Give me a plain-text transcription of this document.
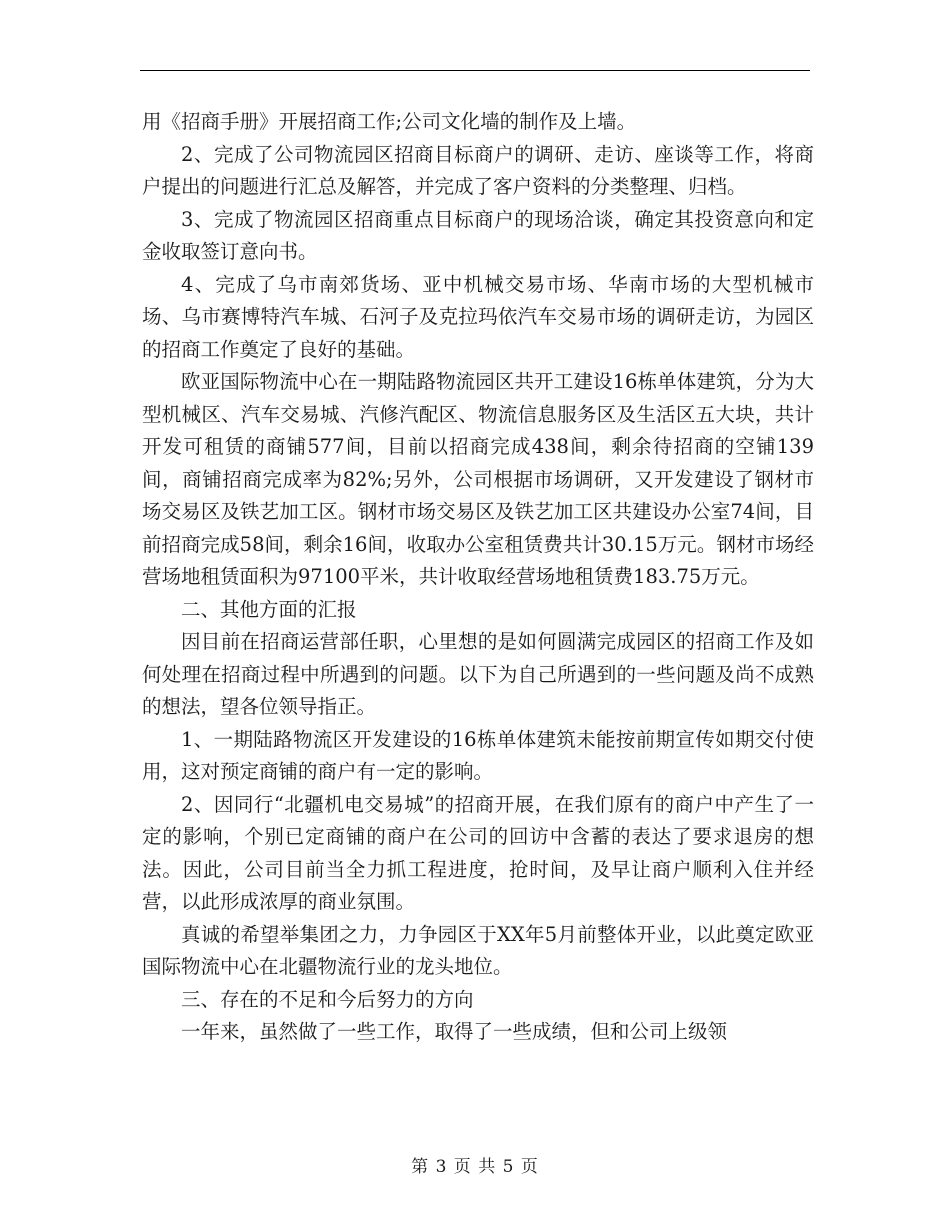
用《招商手册》开展招商工作;公司文化墙的制作及上墙。

2、完成了公司物流园区招商目标商户的调研、走访、座谈等工作，将商户提出的问题进行汇总及解答，并完成了客户资料的分类整理、归档。

3、完成了物流园区招商重点目标商户的现场洽谈，确定其投资意向和定金收取签订意向书。

4、完成了乌市南郊货场、亚中机械交易市场、华南市场的大型机械市场、乌市赛博特汽车城、石河子及克拉玛依汽车交易市场的调研走访，为园区的招商工作奠定了良好的基础。

欧亚国际物流中心在一期陆路物流园区共开工建设16栋单体建筑，分为大型机械区、汽车交易城、汽修汽配区、物流信息服务区及生活区五大块，共计开发可租赁的商铺577间，目前以招商完成438间，剩余待招商的空铺139间，商铺招商完成率为82%;另外，公司根据市场调研，又开发建设了钢材市场交易区及铁艺加工区。钢材市场交易区及铁艺加工区共建设办公室74间，目前招商完成58间，剩余16间，收取办公室租赁费共计30.15万元。钢材市场经营场地租赁面积为97100平米，共计收取经营场地租赁费183.75万元。

二、其他方面的汇报

因目前在招商运营部任职，心里想的是如何圆满完成园区的招商工作及如何处理在招商过程中所遇到的问题。以下为自己所遇到的一些问题及尚不成熟的想法，望各位领导指正。

1、一期陆路物流区开发建设的16栋单体建筑未能按前期宣传如期交付使用，这对预定商铺的商户有一定的影响。

2、因同行“北疆机电交易城”的招商开展，在我们原有的商户中产生了一定的影响，个别已定商铺的商户在公司的回访中含蓄的表达了要求退房的想法。因此，公司目前当全力抓工程进度，抢时间，及早让商户顺利入住并经营，以此形成浓厚的商业氛围。

真诚的希望举集团之力，力争园区于XX年5月前整体开业，以此奠定欧亚国际物流中心在北疆物流行业的龙头地位。

三、存在的不足和今后努力的方向

一年来，虽然做了一些工作，取得了一些成绩，但和公司上级领

第 3 页 共 5 页
